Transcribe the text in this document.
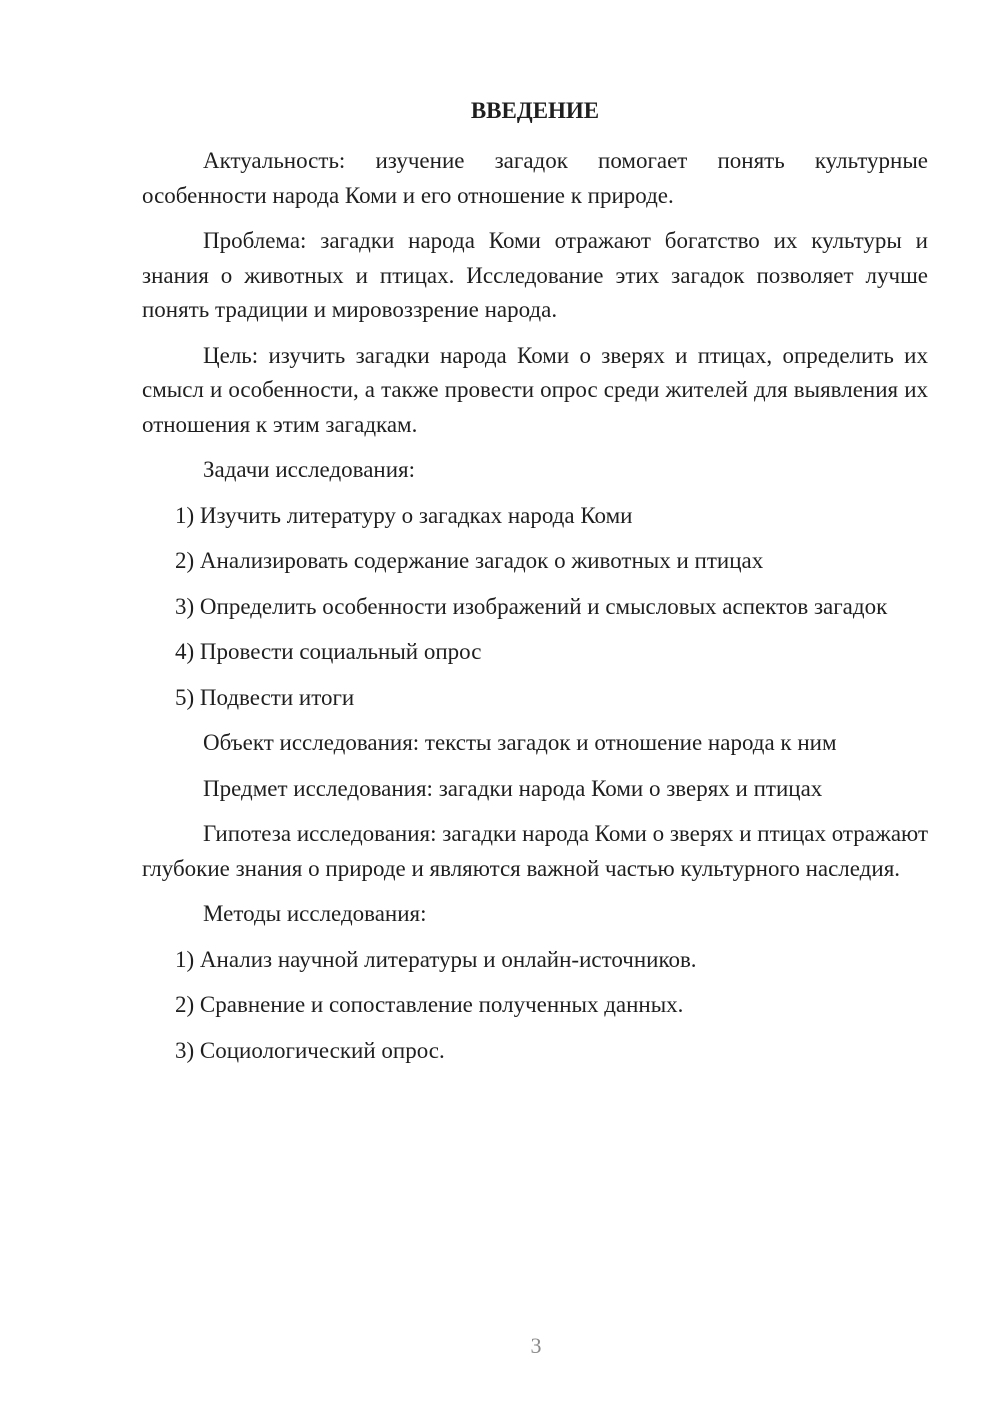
ВВЕДЕНИЕ

Актуальность: изучение загадок помогает понять культурные особенности народа Коми и его отношение к природе.

Проблема: загадки народа Коми отражают богатство их культуры и знания о животных и птицах. Исследование этих загадок позволяет лучше понять традиции и мировоззрение народа.

Цель: изучить загадки народа Коми о зверях и птицах, определить их смысл и особенности, а также провести опрос среди жителей для выявления их отношения к этим загадкам.

Задачи исследования:

1) Изучить литературу о загадках народа Коми

2) Анализировать содержание загадок о животных и птицах

3) Определить особенности изображений и смысловых аспектов загадок

4) Провести социальный опрос

5) Подвести итоги

Объект исследования: тексты загадок и отношение народа к ним

Предмет исследования: загадки народа Коми о зверях и птицах

Гипотеза исследования: загадки народа Коми о зверях и птицах отражают глубокие знания о природе и являются важной частью культурного наследия.

Методы исследования:

1) Анализ научной литературы и онлайн-источников.

2) Сравнение и сопоставление полученных данных.

3) Социологический опрос.

3
